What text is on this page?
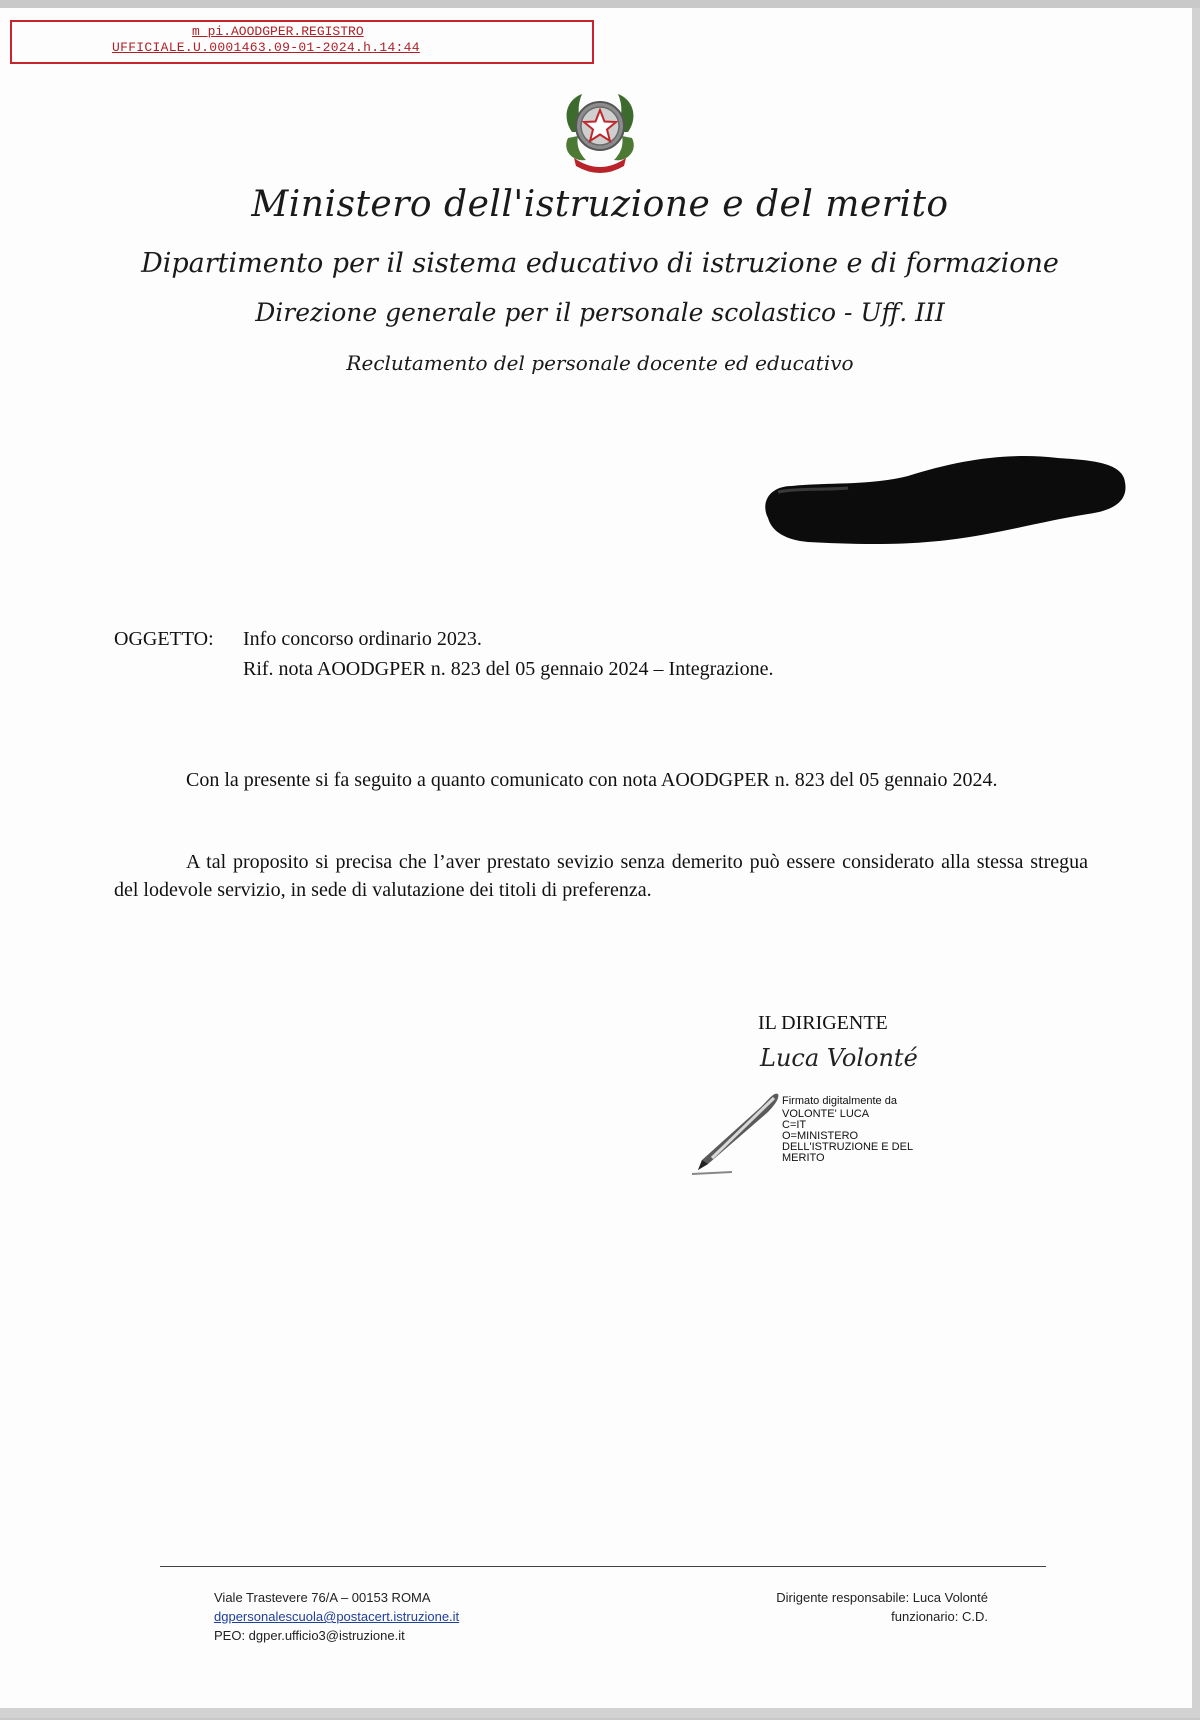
m_pi.AOODGPER.REGISTRO
UFFICIALE.U.0001463.09-01-2024.h.14:44
Ministero dell'istruzione e del merito
Dipartimento per il sistema educativo di istruzione e di formazione
Direzione generale per il personale scolastico - Uff. III
Reclutamento del personale docente ed educativo
OGGETTO: Info concorso ordinario 2023.
Rif. nota AOODGPER n. 823 del 05 gennaio 2024 – Integrazione.
Con la presente si fa seguito a quanto comunicato con nota AOODGPER n. 823 del 05 gennaio 2024.
A tal proposito si precisa che l’aver prestato sevizio senza demerito può essere considerato alla stessa stregua del lodevole servizio, in sede di valutazione dei titoli di preferenza.
IL DIRIGENTE
Luca Volonté
Firmato digitalmente da
VOLONTE' LUCA
C=IT
O=MINISTERO
DELL'ISTRUZIONE E DEL
MERITO
Viale Trastevere 76/A – 00153 ROMA
dgpersonalescuola@postacert.istruzione.it
PEO: dgper.ufficio3@istruzione.it
Dirigente responsabile: Luca Volonté
funzionario: C.D.
